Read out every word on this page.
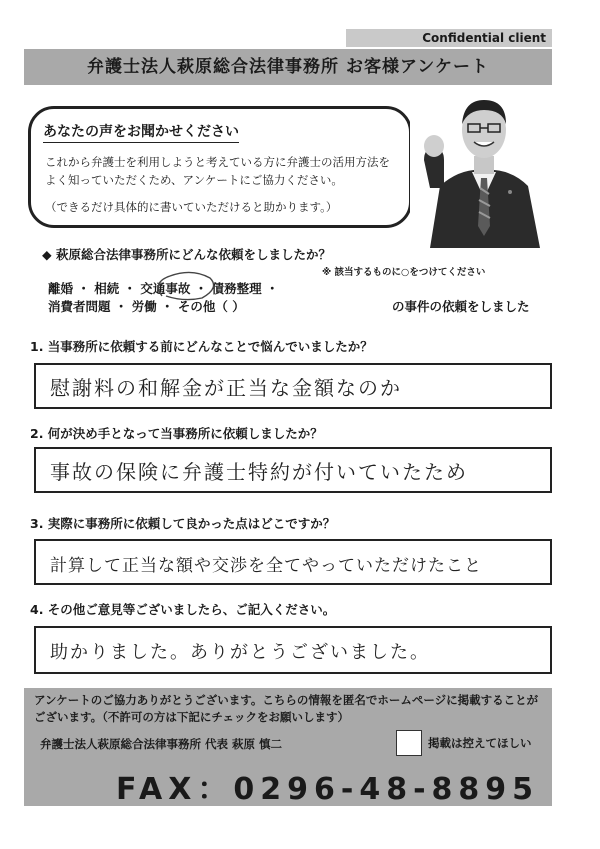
Confidential client
弁護士法人萩原総合法律事務所 お客様アンケート
あなたの声をお聞かせください
これから弁護士を利用しようと考えている方に弁護士の活用方法をよく知っていただくため、アンケートにご協力ください。
（できるだけ具体的に書いていただけると助かります。）
◆ 萩原総合法律事務所にどんな依頼をしましたか？
※ 該当するものに○をつけてください
離婚 ・ 相続 ・ 交通事故 ・ 債務整理 ・
消費者問題 ・ 労働 ・ その他（ ）	の事件の依頼をしました
1. 当事務所に依頼する前にどんなことで悩んでいましたか？
慰謝料の和解金が正当な金額なのか
2. 何が決め手となって当事務所に依頼しましたか？
事故の保険に弁護士特約が付いていたため
3. 実際に事務所に依頼して良かった点はどこですか？
計算して正当な額や交渉を全てやっていただけたこと
4. その他ご意見等ございましたら、ご記入ください。
助かりました。ありがとうございました。
アンケートのご協力ありがとうございます。こちらの情報を匿名でホームページに掲載することがございます。（不許可の方は下記にチェックをお願いします）
弁護士法人萩原総合法律事務所 代表 萩原 慎二	掲載は控えてほしい
FAX：0296-48-8895
